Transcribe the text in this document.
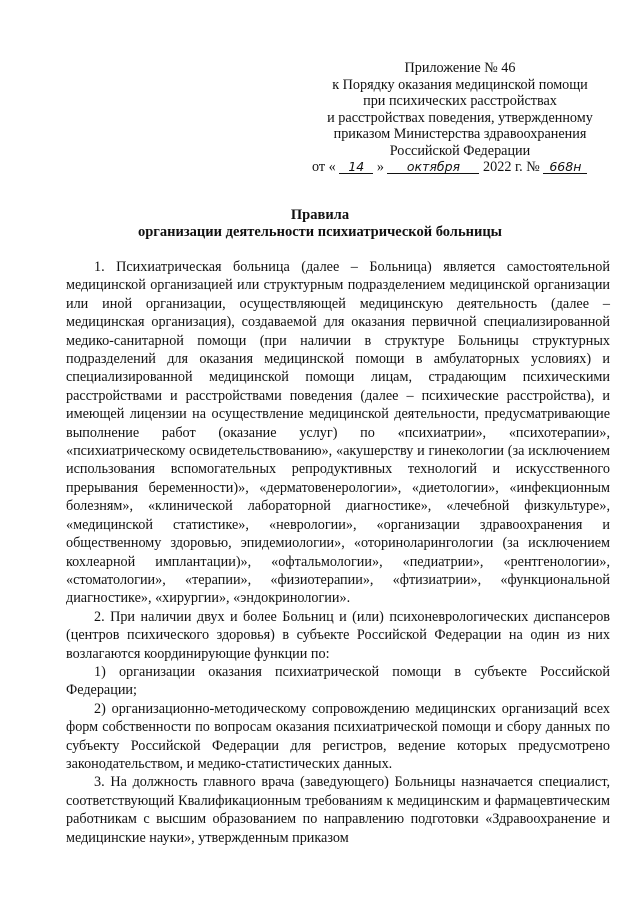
Приложение № 46
к Порядку оказания медицинской помощи
при психических расстройствах
и расстройствах поведения, утвержденному
приказом Министерства здравоохранения
Российской Федерации
от « 14 » октября 2022 г. № 668н
Правила
организации деятельности психиатрической больницы

1. Психиатрическая больница (далее – Больница) является самостоятельной медицинской организацией или структурным подразделением медицинской организации или иной организации, осуществляющей медицинскую деятельность (далее – медицинская организация), создаваемой для оказания первичной специализированной медико-санитарной помощи (при наличии в структуре Больницы структурных подразделений для оказания медицинской помощи в амбулаторных условиях) и специализированной медицинской помощи лицам, страдающим психическими расстройствами и расстройствами поведения (далее – психические расстройства), и имеющей лицензии на осуществление медицинской деятельности, предусматривающие выполнение работ (оказание услуг) по «психиатрии», «психотерапии», «психиатрическому освидетельствованию», «акушерству и гинекологии (за исключением использования вспомогательных репродуктивных технологий и искусственного прерывания беременности)», «дерматовенерологии», «диетологии», «инфекционным болезням», «клинической лабораторной диагностике», «лечебной физкультуре», «медицинской статистике», «неврологии», «организации здравоохранения и общественному здоровью, эпидемиологии», «оториноларингологии (за исключением кохлеарной имплантации)», «офтальмологии», «педиатрии», «рентгенологии», «стоматологии», «терапии», «физиотерапии», «фтизиатрии», «функциональной диагностике», «хирургии», «эндокринологии».

2. При наличии двух и более Больниц и (или) психоневрологических диспансеров (центров психического здоровья) в субъекте Российской Федерации на один из них возлагаются координирующие функции по:

1) организации оказания психиатрической помощи в субъекте Российской Федерации;

2) организационно-методическому сопровождению медицинских организаций всех форм собственности по вопросам оказания психиатрической помощи и сбору данных по субъекту Российской Федерации для регистров, ведение которых предусмотрено законодательством, и медико-статистических данных.

3. На должность главного врача (заведующего) Больницы назначается специалист, соответствующий Квалификационным требованиям к медицинским и фармацевтическим работникам с высшим образованием по направлению подготовки «Здравоохранение и медицинские науки», утвержденным приказом
